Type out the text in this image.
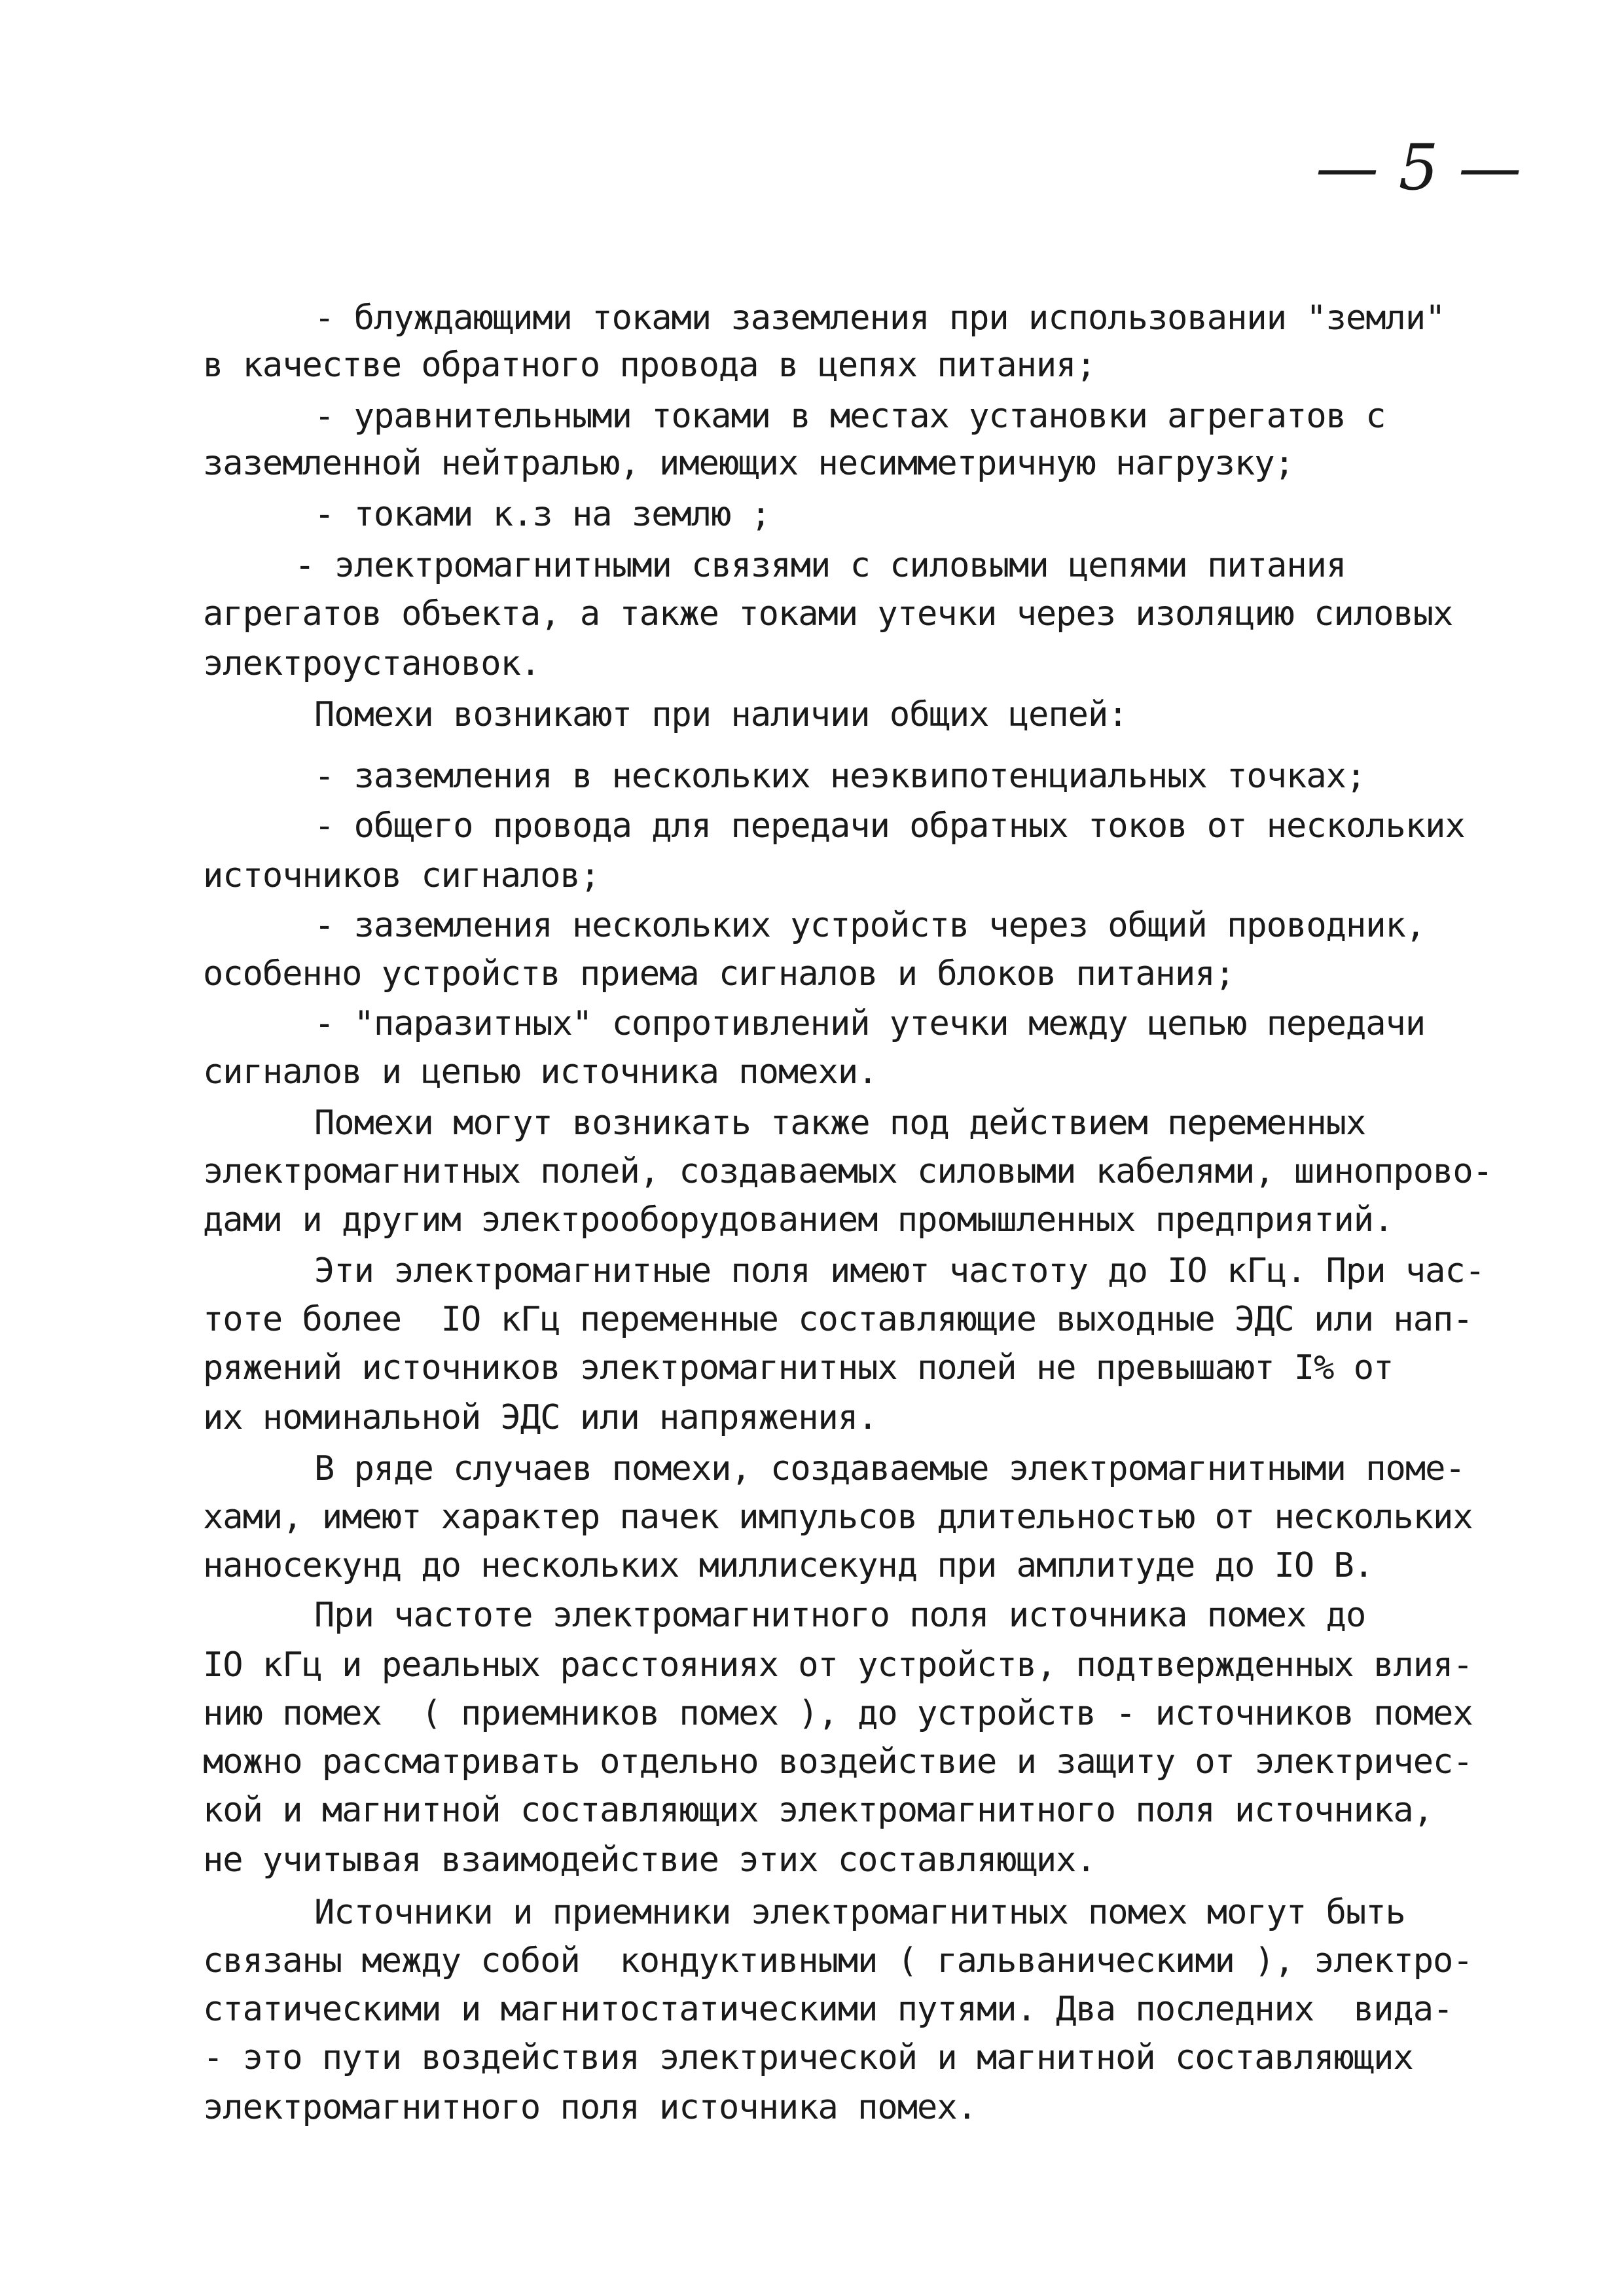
— 5 —
- блуждающими токами заземления при использовании "земли"
в качестве обратного провода в цепях питания;
- уравнительными токами в местах установки агрегатов с
заземленной нейтралью, имеющих несимметричную нагрузку;
- токами к.з на землю ;
- электромагнитными связями с силовыми цепями питания
агрегатов объекта, а также токами утечки через изоляцию силовых
электроустановок.
Помехи возникают при наличии общих цепей:
- заземления в нескольких неэквипотенциальных точках;
- общего провода для передачи обратных токов от нескольких
источников сигналов;
- заземления нескольких устройств через общий проводник,
особенно устройств приема сигналов и блоков питания;
- "паразитных" сопротивлений утечки между цепью передачи
сигналов и цепью источника помехи.
Помехи могут возникать также под действием переменных
электромагнитных полей, создаваемых силовыми кабелями, шинопрово-
дами и другим электрооборудованием промышленных предприятий.
Эти электромагнитные поля имеют частоту до IO кГц. При час-
тоте более  IO кГц переменные составляющие выходные ЭДС или нап-
ряжений источников электромагнитных полей не превышают I% от
их номинальной ЭДС или напряжения.
В ряде случаев помехи, создаваемые электромагнитными поме-
хами, имеют характер пачек импульсов длительностью от нескольких
наносекунд до нескольких миллисекунд при амплитуде до IO В.
При частоте электромагнитного поля источника помех до
IO кГц и реальных расстояниях от устройств, подтвержденных влия-
нию помех  ( приемников помех ), до устройств - источников помех
можно рассматривать отдельно воздействие и защиту от электричес-
кой и магнитной составляющих электромагнитного поля источника,
не учитывая взаимодействие этих составляющих.
Источники и приемники электромагнитных помех могут быть
связаны между собой  кондуктивными ( гальваническими ), электро-
статическими и магнитостатическими путями. Два последних  вида-
- это пути воздействия электрической и магнитной составляющих
электромагнитного поля источника помех.
